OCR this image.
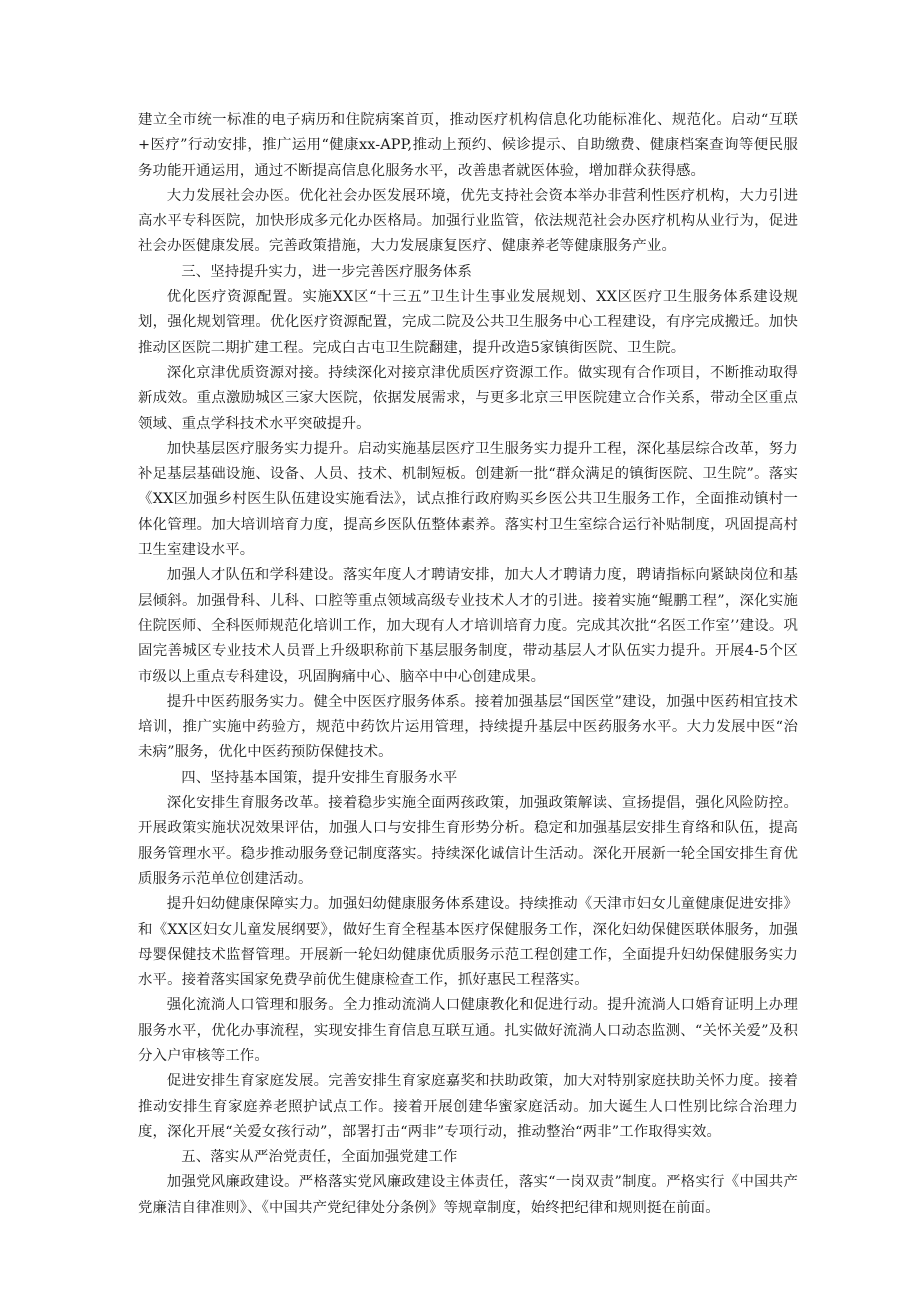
建立全市统一标准的电子病历和住院病案首页，推动医疗机构信息化功能标准化、规范化。启动“互联+医疗”行动安排，推广运用“健康xx-APP,推动上预约、候诊提示、自助缴费、健康档案查询等便民服务功能开通运用，通过不断提高信息化服务水平，改善患者就医体验，增加群众获得感。

大力发展社会办医。优化社会办医发展环境，优先支持社会资本举办非营利性医疗机构，大力引进高水平专科医院，加快形成多元化办医格局。加强行业监管，依法规范社会办医疗机构从业行为，促进社会办医健康发展。完善政策措施，大力发展康复医疗、健康养老等健康服务产业。

三、坚持提升实力，进一步完善医疗服务体系

优化医疗资源配置。实施XX区“十三五”卫生计生事业发展规划、XX区医疗卫生服务体系建设规划，强化规划管理。优化医疗资源配置，完成二院及公共卫生服务中心工程建设，有序完成搬迁。加快推动区医院二期扩建工程。完成白古屯卫生院翻建，提升改造5家镇街医院、卫生院。

深化京津优质资源对接。持续深化对接京津优质医疗资源工作。做实现有合作项目，不断推动取得新成效。重点激励城区三家大医院，依据发展需求，与更多北京三甲医院建立合作关系，带动全区重点领域、重点学科技术水平突破提升。

加快基层医疗服务实力提升。启动实施基层医疗卫生服务实力提升工程，深化基层综合改革，努力补足基层基础设施、设备、人员、技术、机制短板。创建新一批“群众满足的镇街医院、卫生院”。落实《XX区加强乡村医生队伍建设实施看法》，试点推行政府购买乡医公共卫生服务工作，全面推动镇村一体化管理。加大培训培育力度，提高乡医队伍整体素养。落实村卫生室综合运行补贴制度，巩固提高村卫生室建设水平。

加强人才队伍和学科建设。落实年度人才聘请安排，加大人才聘请力度，聘请指标向紧缺岗位和基层倾斜。加强骨科、儿科、口腔等重点领域高级专业技术人才的引进。接着实施“鲲鹏工程”，深化实施住院医师、全科医师规范化培训工作，加大现有人才培训培育力度。完成其次批“名医工作室’’建设。巩固完善城区专业技术人员晋上升级职称前下基层服务制度，带动基层人才队伍实力提升。开展4-5个区市级以上重点专科建设，巩固胸痛中心、脑卒中中心创建成果。

提升中医药服务实力。健全中医医疗服务体系。接着加强基层“国医堂”建设，加强中医药相宜技术培训，推广实施中药验方，规范中药饮片运用管理，持续提升基层中医药服务水平。大力发展中医“治未病”服务，优化中医药预防保健技术。

四、坚持基本国策，提升安排生育服务水平

深化安排生育服务改革。接着稳步实施全面两孩政策，加强政策解读、宣扬提倡，强化风险防控。开展政策实施状况效果评估，加强人口与安排生育形势分析。稳定和加强基层安排生育络和队伍，提高服务管理水平。稳步推动服务登记制度落实。持续深化诚信计生活动。深化开展新一轮全国安排生育优质服务示范单位创建活动。

提升妇幼健康保障实力。加强妇幼健康服务体系建设。持续推动《天津市妇女儿童健康促进安排》和《XX区妇女儿童发展纲要》，做好生育全程基本医疗保健服务工作，深化妇幼保健医联体服务，加强母婴保健技术监督管理。开展新一轮妇幼健康优质服务示范工程创建工作，全面提升妇幼保健服务实力水平。接着落实国家免费孕前优生健康检查工作，抓好惠民工程落实。

强化流淌人口管理和服务。全力推动流淌人口健康教化和促进行动。提升流淌人口婚育证明上办理服务水平，优化办事流程，实现安排生育信息互联互通。扎实做好流淌人口动态监测、“关怀关爱”及积分入户审核等工作。

促进安排生育家庭发展。完善安排生育家庭嘉奖和扶助政策，加大对特别家庭扶助关怀力度。接着推动安排生育家庭养老照护试点工作。接着开展创建华蜜家庭活动。加大诞生人口性别比综合治理力度，深化开展“关爱女孩行动”，部署打击“两非”专项行动，推动整治“两非”工作取得实效。

五、落实从严治党责任，全面加强党建工作

加强党风廉政建设。严格落实党风廉政建设主体责任，落实“一岗双责”制度。严格实行《中国共产党廉洁自律准则》、《中国共产党纪律处分条例》等规章制度，始终把纪律和规则挺在前面。
